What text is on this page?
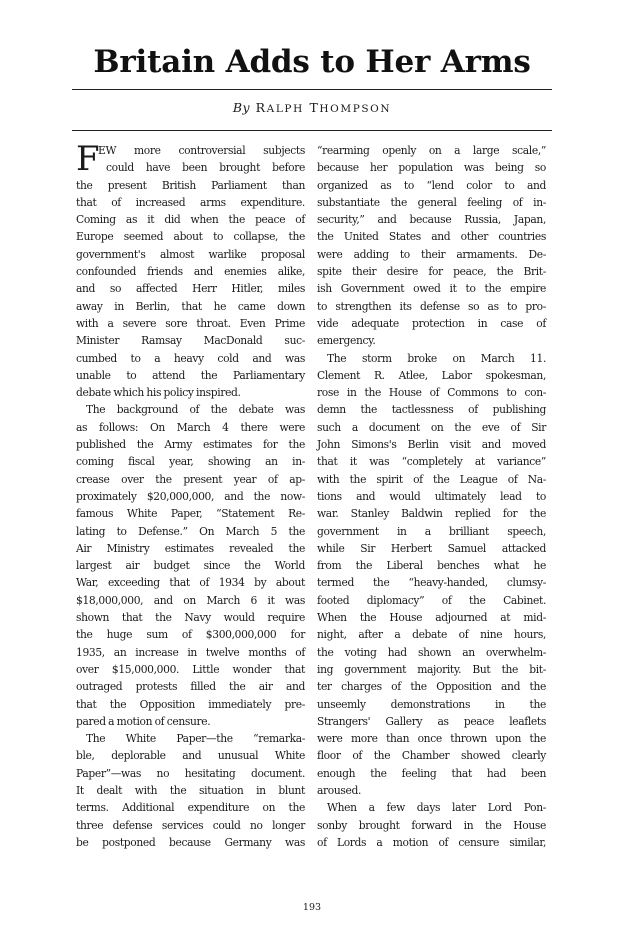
Britain Adds to Her Arms
By RALPH THOMPSON
F
EW more controversial subjects
could have been brought before
the present British Parliament than
that of increased arms expenditure.
Coming as it did when the peace of
Europe seemed about to collapse, the
government's almost warlike proposal
confounded friends and enemies alike,
and so affected Herr Hitler, miles
away in Berlin, that he came down
with a severe sore throat. Even Prime
Minister Ramsay MacDonald suc-
cumbed to a heavy cold and was
unable to attend the Parliamentary
debate which his policy inspired.
The background of the debate was
as follows: On March 4 there were
published the Army estimates for the
coming fiscal year, showing an in-
crease over the present year of ap-
proximately $20,000,000, and the now-
famous White Paper, “Statement Re-
lating to Defense.” On March 5 the
Air Ministry estimates revealed the
largest air budget since the World
War, exceeding that of 1934 by about
$18,000,000, and on March 6 it was
shown that the Navy would require
the huge sum of $300,000,000 for
1935, an increase in twelve months of
over $15,000,000. Little wonder that
outraged protests filled the air and
that the Opposition immediately pre-
pared a motion of censure.
The White Paper—the “remarka-
ble, deplorable and unusual White
Paper”—was no hesitating document.
It dealt with the situation in blunt
terms. Additional expenditure on the
three defense services could no longer
be postponed because Germany was
“rearming openly on a large scale,”
because her population was being so
organized as to “lend color to and
substantiate the general feeling of in-
security,” and because Russia, Japan,
the United States and other countries
were adding to their armaments. De-
spite their desire for peace, the Brit-
ish Government owed it to the empire
to strengthen its defense so as to pro-
vide adequate protection in case of
emergency.
The storm broke on March 11.
Clement R. Atlee, Labor spokesman,
rose in the House of Commons to con-
demn the tactlessness of publishing
such a document on the eve of Sir
John Simons's Berlin visit and moved
that it was “completely at variance”
with the spirit of the League of Na-
tions and would ultimately lead to
war. Stanley Baldwin replied for the
government in a brilliant speech,
while Sir Herbert Samuel attacked
from the Liberal benches what he
termed the “heavy-handed, clumsy-
footed diplomacy” of the Cabinet.
When the House adjourned at mid-
night, after a debate of nine hours,
the voting had shown an overwhelm-
ing government majority. But the bit-
ter charges of the Opposition and the
unseemly demonstrations in the
Strangers' Gallery as peace leaflets
were more than once thrown upon the
floor of the Chamber showed clearly
enough the feeling that had been
aroused.
When a few days later Lord Pon-
sonby brought forward in the House
of Lords a motion of censure similar,
193
